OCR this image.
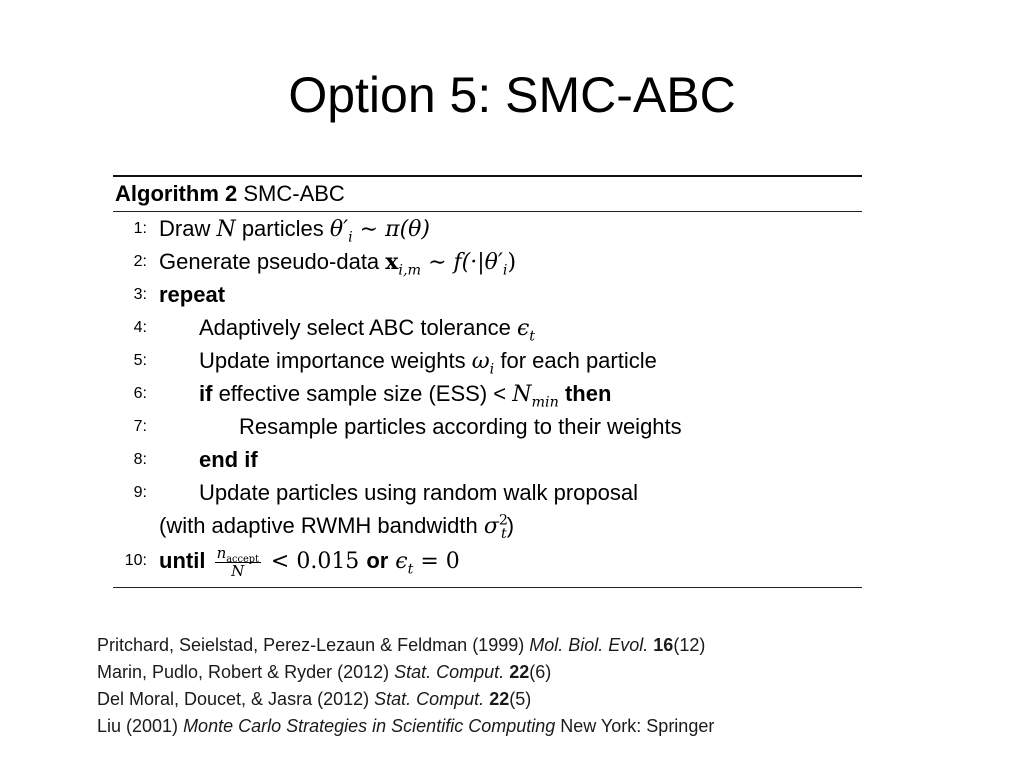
Option 5: SMC-ABC
Algorithm 2 SMC-ABC
1: Draw N particles $\theta'_i$ ∼ π(θ)
2: Generate pseudo-data $x_{i,m}$ ∼ $f(\cdot|\theta'_i)$
3: repeat
4: Adaptively select ABC tolerance $\epsilon_t$
5: Update importance weights $\omega_i$ for each particle
6: if effective sample size $(ESS) < N_{min}$ then
7:	Resample particles according to their weights
8: end if
9: Update particles using random walk proposal
(with adaptive RWMH bandwidth $\sigma^2_t$)
10: until $\frac{n_{accept}}{N} < 0.015$ or $\epsilon_t = 0$
Pritchard, Seielstad, Perez-Lezaun & Feldman (1999) Mol. Biol. Evol. 16(12)
Marin, Pudlo, Robert & Ryder (2012) Stat. Comput. 22(6)
Del Moral, Doucet, & Jasra (2012) Stat. Comput. 22(5)
Liu (2001) Monte Carlo Strategies in Scientific Computing New York: Springer
